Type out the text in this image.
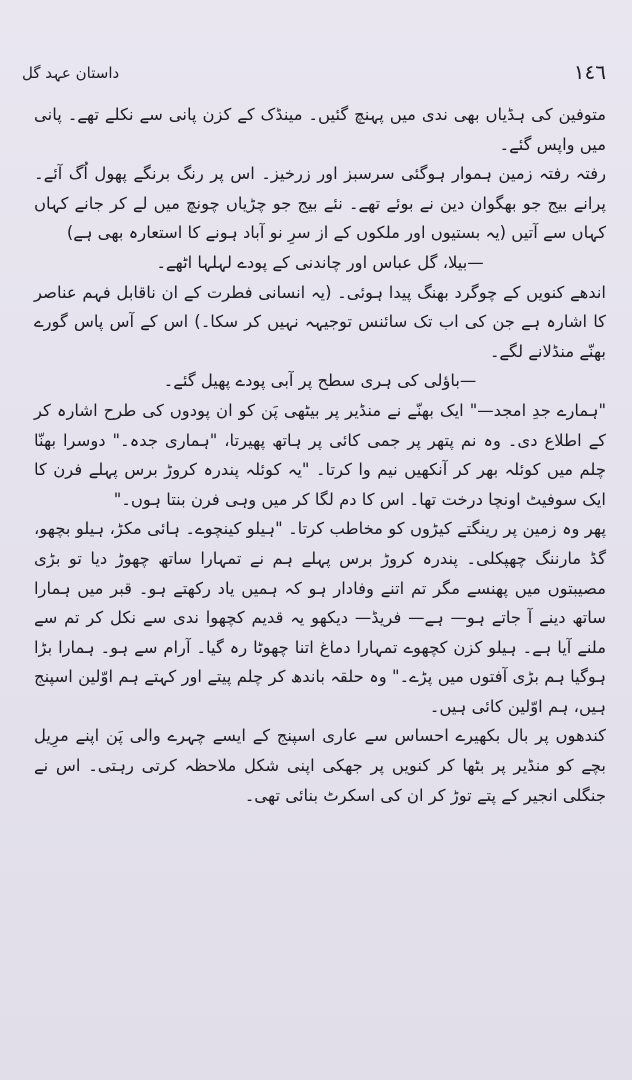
١٤٦
داستان عہد گل

متوفین کی ہڈیاں بھی ندی میں پہنچ گئیں۔ مینڈک کے کزن پانی سے نکلے تھے۔ پانی میں واپس گئے۔

رفتہ رفتہ زمین ہموار ہوگئی سرسبز اور زرخیز۔ اس پر رنگ برنگے پھول اُگ آئے۔ پرانے بیج جو بھگوان دین نے بوئے تھے۔ نئے بیج جو چڑیاں چونچ میں لے کر جانے کہاں کہاں سے آتیں (یہ بستیوں اور ملکوں کے از سرِ نو آباد ہونے کا استعارہ بھی ہے)

—بیلا، گل عباس اور چاندنی کے پودے لہلہا اٹھے۔

اندھے کنویں کے چوگرد بھنگ پیدا ہوئی۔ (یہ انسانی فطرت کے ان ناقابل فہم عناصر کا اشارہ ہے جن کی اب تک سائنس توجیہہ نہیں کر سکا۔) اس کے آس پاس گورے بھنّے منڈلانے لگے۔

—باؤلی کی ہری سطح پر آبی پودے پھیل گئے۔

"ہمارے جدِ امجد—" ایک بھنّے نے منڈیر پر بیٹھی پَن کو ان پودوں کی طرح اشارہ کر کے اطلاع دی۔ وہ نم پتھر پر جمی کائی پر ہاتھ پھیرتا، "ہماری جدہ۔" دوسرا بھنّا چلم میں کوئلہ بھر کر آنکھیں نیم وا کرتا۔ "یہ کوئلہ پندرہ کروڑ برس پہلے فرن کا ایک سوفیٹ اونچا درخت تھا۔ اس کا دم لگا کر میں وہی فرن بنتا ہوں۔"

پھر وہ زمین پر رینگتے کیڑوں کو مخاطب کرتا۔ "ہیلو کینچوے۔ ہائی مکڑ، ہیلو بچھو، گڈ مارننگ چھپکلی۔ پندرہ کروڑ برس پہلے ہم نے تمہارا ساتھ چھوڑ دیا تو بڑی مصیبتوں میں پھنسے مگر تم اتنے وفادار ہو کہ ہمیں یاد رکھتے ہو۔ قبر میں ہمارا ساتھ دینے آ جاتے ہو— ہے— فریڈ— دیکھو یہ قدیم کچھوا ندی سے نکل کر تم سے ملنے آیا ہے۔ ہیلو کزن کچھوے تمہارا دماغ اتنا چھوٹا رہ گیا۔ آرام سے ہو۔ ہمارا بڑا ہوگیا ہم بڑی آفتوں میں پڑے۔" وہ حلقہ باندھ کر چلم پیتے اور کہتے ہم اوّلین اسپنج ہیں، ہم اوّلین کائی ہیں۔

کندھوں پر بال بکھیرے احساس سے عاری اسپنج کے ایسے چہرے والی پَن اپنے مرِیل بچے کو منڈیر پر بٹھا کر کنویں پر جھکی اپنی شکل ملاحظہ کرتی رہتی۔ اس نے جنگلی انجیر کے پتے توڑ کر ان کی اسکرٹ بنائی تھی۔
